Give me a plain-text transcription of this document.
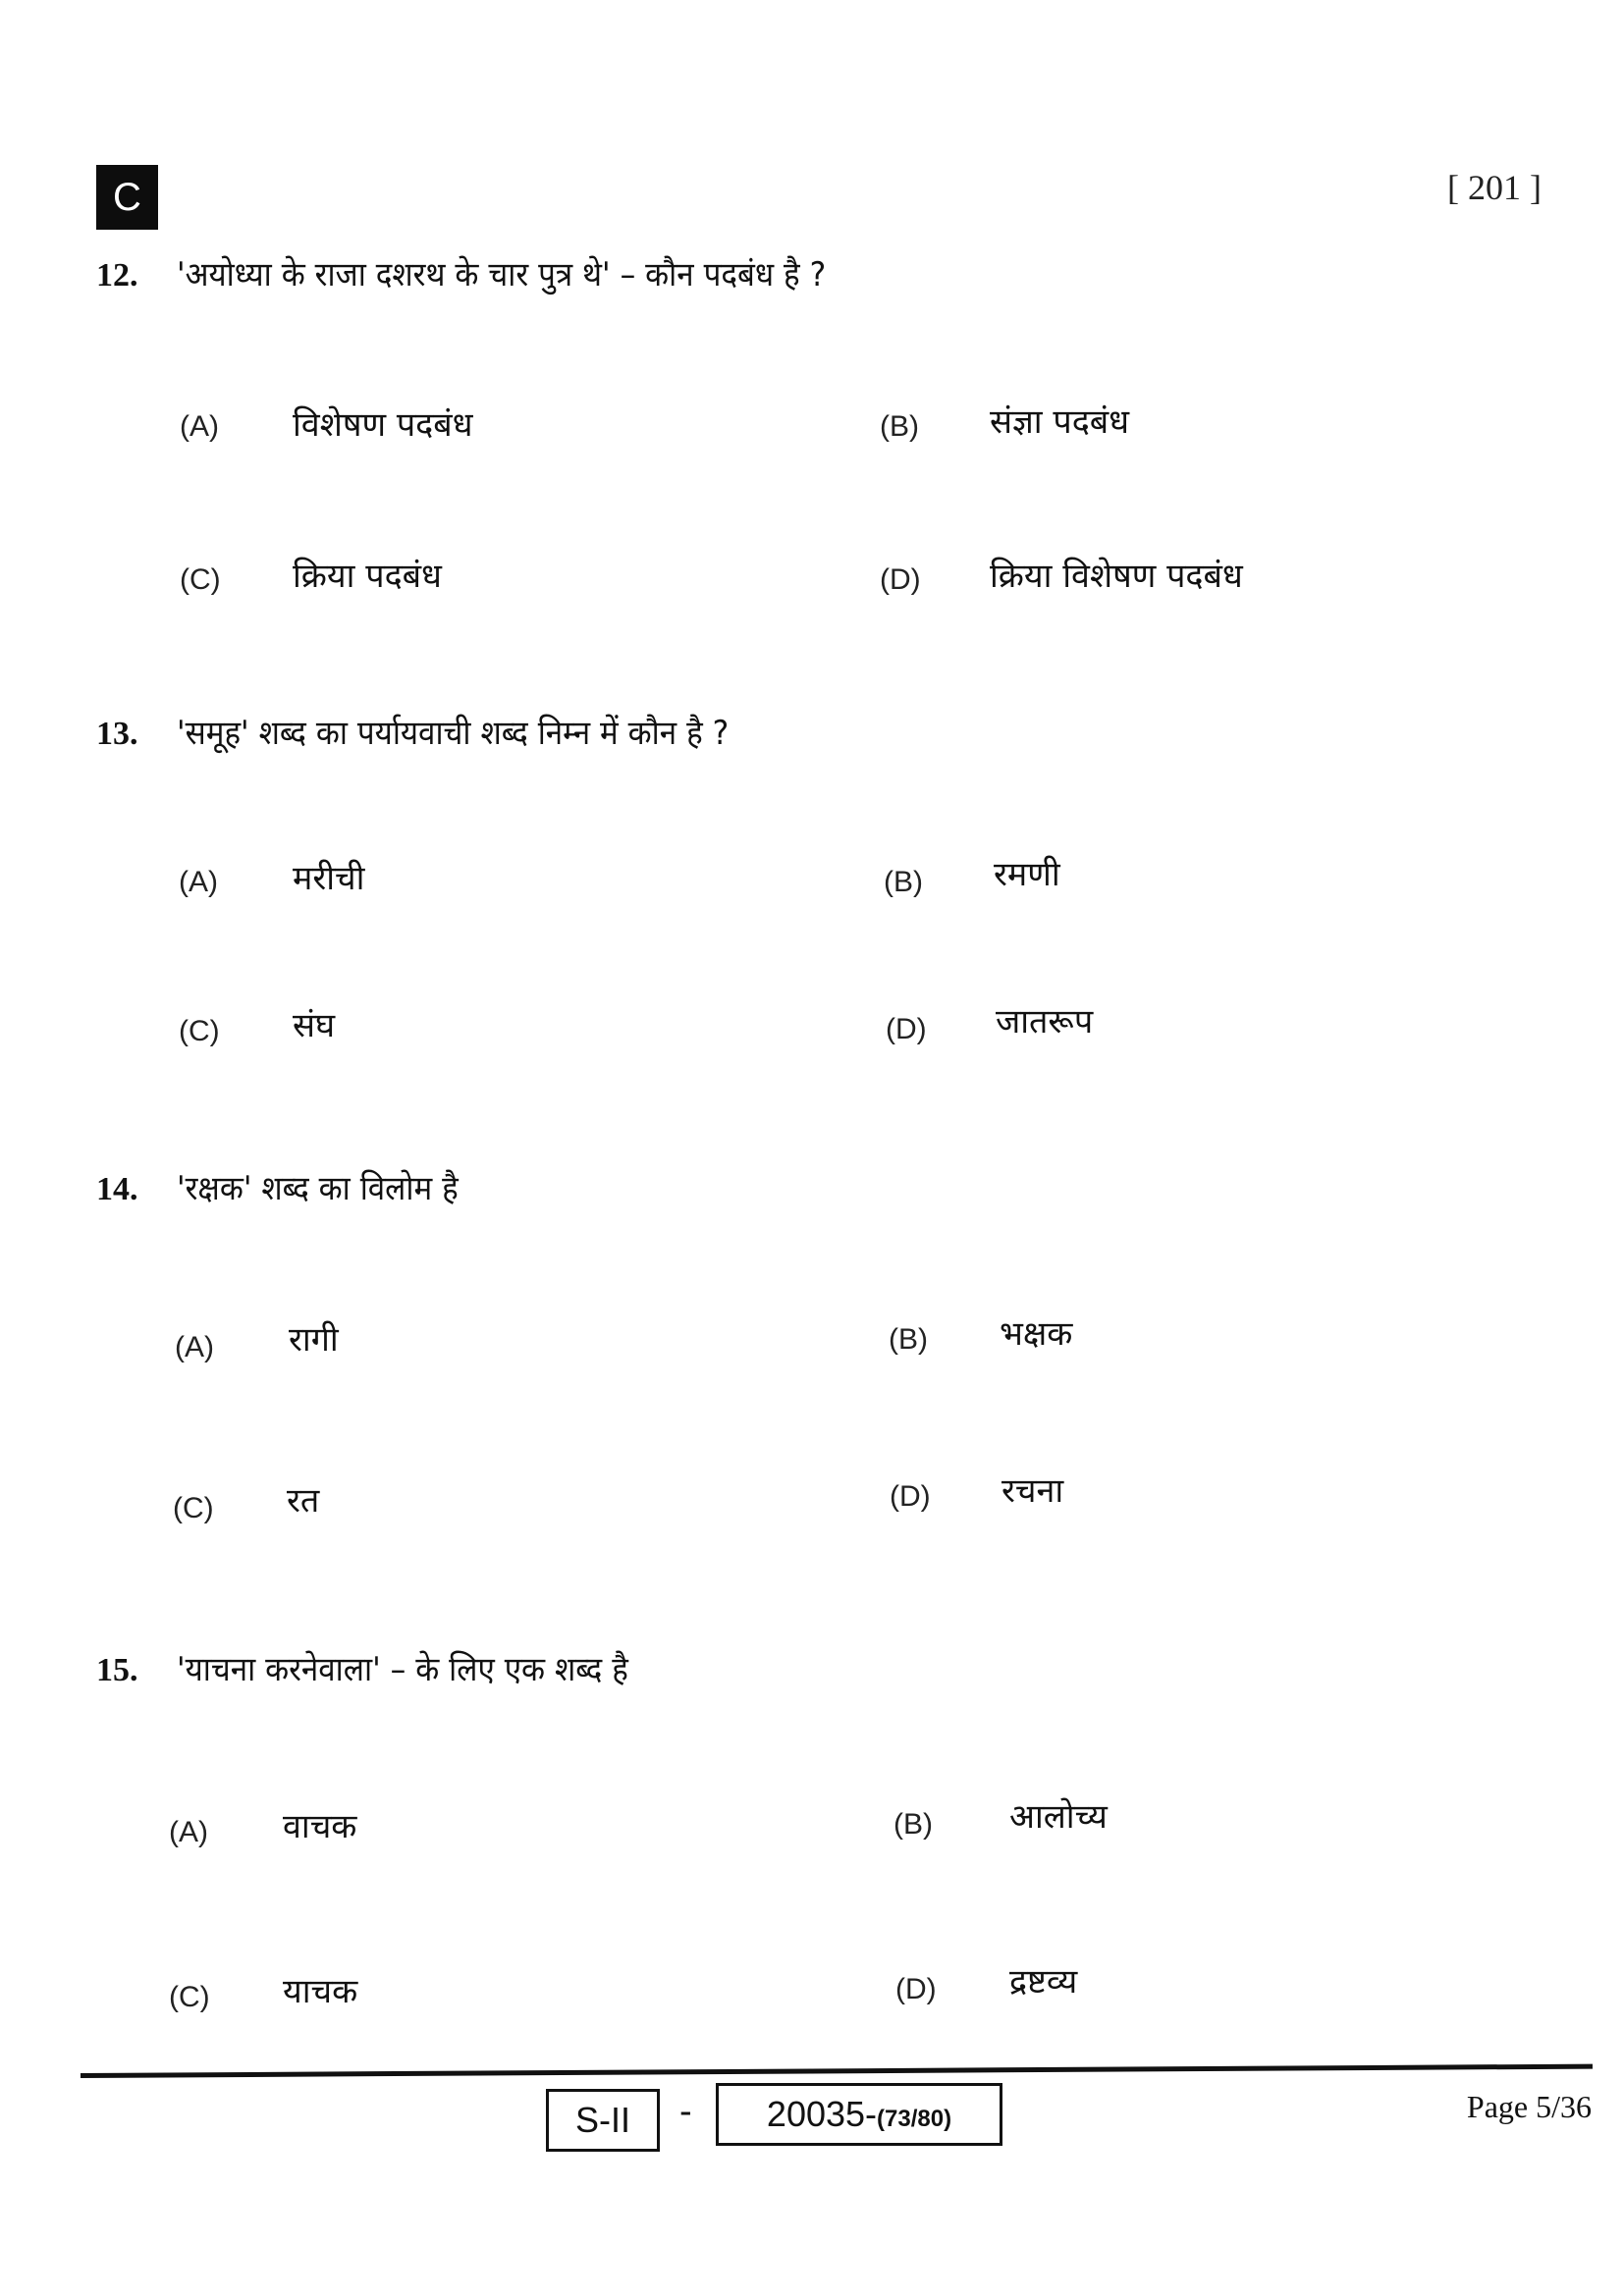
C	[ 201 ]
12. 'अयोध्या के राजा दशरथ के चार पुत्र थे' – कौन पदबंध है ?
(A) विशेषण पदबंध	(B) संज्ञा पदबंध
(C) क्रिया पदबंध	(D) क्रिया विशेषण पदबंध
13. 'समूह' शब्द का पर्यायवाची शब्द निम्न में कौन है ?
(A) मरीची	(B) रमणी
(C) संघ	(D) जातरूप
14. 'रक्षक' शब्द का विलोम है
(A) रागी	(B) भक्षक
(C) रत	(D) रचना
15. 'याचना करनेवाला' – के लिए एक शब्द है
(A) वाचक	(B) आलोच्य
(C) याचक	(D) द्रष्टव्य
S-II	-	20035-(73/80)	Page 5/36
